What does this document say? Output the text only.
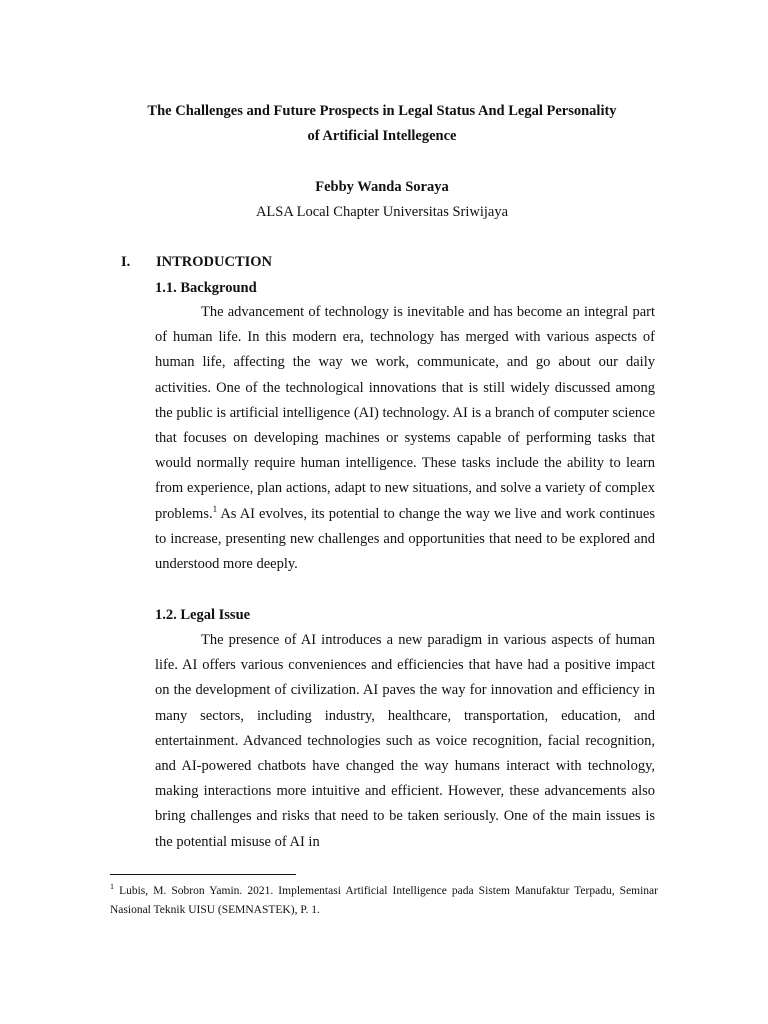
The Challenges and Future Prospects in Legal Status And Legal Personality
of Artificial Intellegence
Febby Wanda Soraya
ALSA Local Chapter Universitas Sriwijaya
I. INTRODUCTION
1.1. Background

The advancement of technology is inevitable and has become an integral part of human life. In this modern era, technology has merged with various aspects of human life, affecting the way we work, communicate, and go about our daily activities. One of the technological innovations that is still widely discussed among the public is artificial intelligence (AI) technology. AI is a branch of computer science that focuses on developing machines or systems capable of performing tasks that would normally require human intelligence. These tasks include the ability to learn from experience, plan actions, adapt to new situations, and solve a variety of complex problems.$^1$ As AI evolves, its potential to change the way we live and work continues to increase, presenting new challenges and opportunities that need to be explored and understood more deeply.

1.2. Legal Issue

The presence of AI introduces a new paradigm in various aspects of human life. AI offers various conveniences and efficiencies that have had a positive impact on the development of civilization. AI paves the way for innovation and efficiency in many sectors, including industry, healthcare, transportation, education, and entertainment. Advanced technologies such as voice recognition, facial recognition, and AI-powered chatbots have changed the way humans interact with technology, making interactions more intuitive and efficient. However, these advancements also bring challenges and risks that need to be taken seriously. One of the main issues is the potential misuse of AI in

$^1$ Lubis, M. Sobron Yamin. 2021. Implementasi Artificial Intelligence pada Sistem Manufaktur Terpadu, Seminar Nasional Teknik UISU (SEMNASTEK), P. 1.
